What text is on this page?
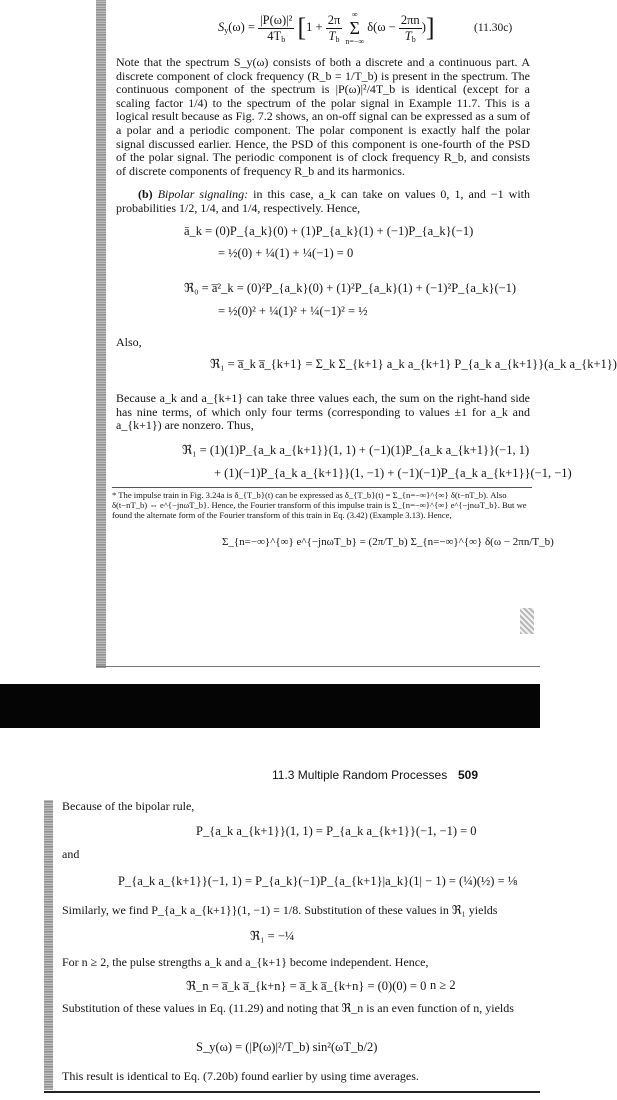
$S_y(\omega) = \frac{\text{|P(ω)|²}}{4T_b} [1 + \frac{2\pi}{T_b}$ ∞
Σ
n=−∞ $\delta(\omega - \frac{2\pi n}{T_b}$ )]	(11.30c)
Note that the spectrum S_y(ω) consists of both a discrete and a continuous part. A discrete component of clock frequency (R_b = 1/T_b) is present in the spectrum. The continuous component of the spectrum is |P(ω)|²/4T_b is identical (except for a scaling factor 1/4) to the spectrum of the polar signal in Example 11.7. This is a logical result because as Fig. 7.2 shows, an on-off signal can be expressed as a sum of a polar and a periodic component. The polar component is exactly half the polar signal discussed earlier. Hence, the PSD of this component is one-fourth of the PSD of the polar signal. The periodic component is of clock frequency R_b, and consists of discrete components of frequency R_b and its harmonics.
(b) Bipolar signaling: in this case, a_k can take on values 0, 1, and −1 with probabilities 1/2, 1/4, and 1/4, respectively. Hence,
ā_k = (0)P_{a_k}(0) + (1)P_{a_k}(1) + (−1)P_{a_k}(−1)
= ½(0) + ¼(1) + ¼(−1) = 0
ℜ₀ = a̅²_k = (0)²P_{a_k}(0) + (1)²P_{a_k}(1) + (−1)²P_{a_k}(−1)
= ½(0)² + ¼(1)² + ¼(−1)² = ½
Also,
ℜ₁ = a̅_k a̅_{k+1} = Σ_k Σ_{k+1} a_k a_{k+1} P_{a_k a_{k+1}}(a_k a_{k+1})
Because a_k and a_{k+1} can take three values each, the sum on the right-hand side has nine terms, of which only four terms (corresponding to values ±1 for a_k and a_{k+1}) are nonzero. Thus,
ℜ₁ = (1)(1)P_{a_k a_{k+1}}(1, 1) + (−1)(1)P_{a_k a_{k+1}}(−1, 1)
+ (1)(−1)P_{a_k a_{k+1}}(1, −1) + (−1)(−1)P_{a_k a_{k+1}}(−1, −1)
* The impulse train in Fig. 3.24a is δ_{T_b}(t) can be expressed as δ_{T_b}(t) = Σ_{n=−∞}^{∞} δ(t−nT_b). Also δ(t−nT_b) ⇔ e^{−jnωT_b}. Hence, the Fourier transform of this impulse train is Σ_{n=−∞}^{∞} e^{−jnωT_b}. But we found the alternate form of the Fourier transform of this train in Eq. (3.42) (Example 3.13). Hence,
Σ_{n=−∞}^{∞} e^{−jnωT_b} = (2π/T_b) Σ_{n=−∞}^{∞} δ(ω − 2πn/T_b)
11.3 Multiple Random Processes 509
Because of the bipolar rule,
P_{a_k a_{k+1}}(1, 1) = P_{a_k a_{k+1}}(−1, −1) = 0
and
P_{a_k a_{k+1}}(−1, 1) = P_{a_k}(−1)P_{a_{k+1}|a_k}(1| − 1) = (¼)(½) = ⅛
Similarly, we find P_{a_k a_{k+1}}(1, −1) = 1/8. Substitution of these values in ℜ₁ yields
ℜ₁ = −¼
For n ≥ 2, the pulse strengths a_k and a_{k+1} become independent. Hence,
ℜ_n = a̅_k a̅_{k+n} = a̅_k a̅_{k+n} = (0)(0) = 0 n ≥ 2
Substitution of these values in Eq. (11.29) and noting that ℜ_n is an even function of n, yields
S_y(ω) = (|P(ω)|²/T_b) sin²(ωT_b/2)
This result is identical to Eq. (7.20b) found earlier by using time averages.
